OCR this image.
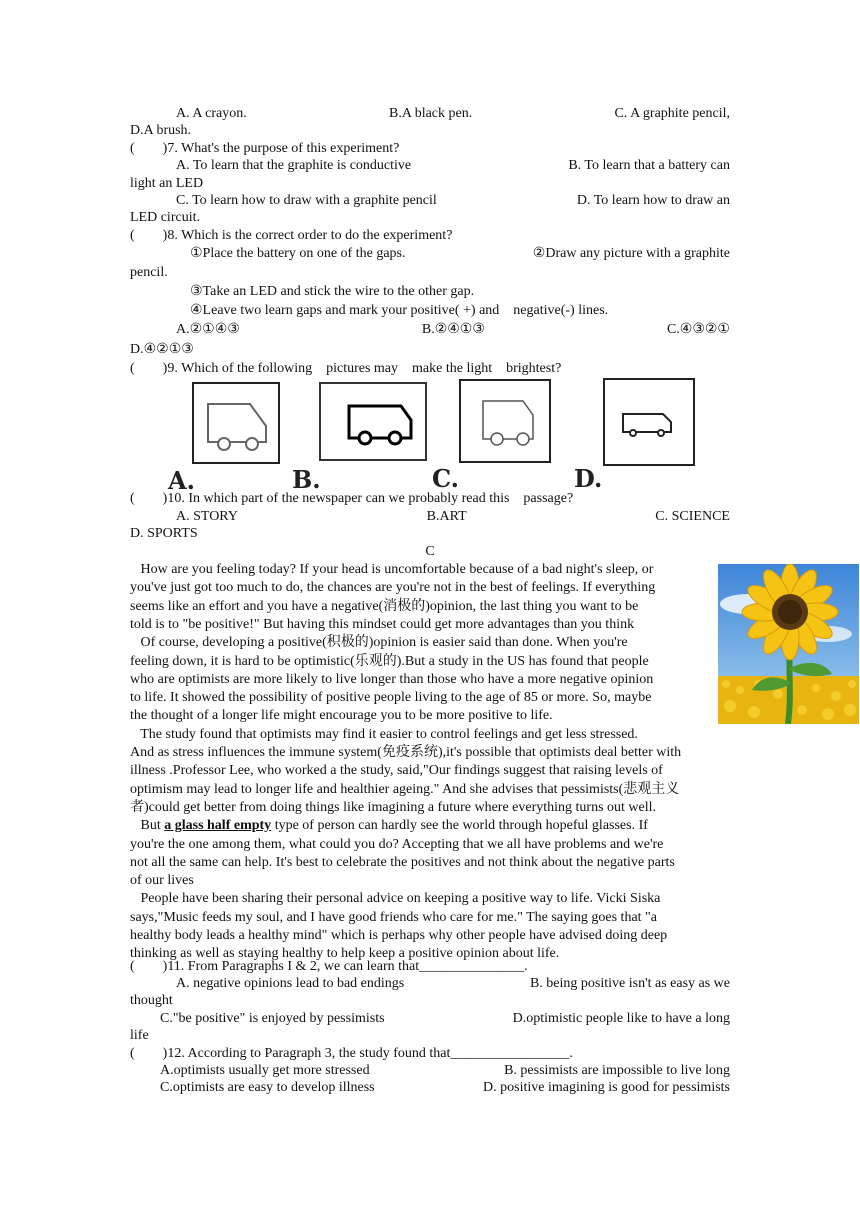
A. A crayon.	B.A black pen.	C. A graphite pencil,
D.A brush.
(        )7. What's the purpose of this experiment?
A. To learn that the graphite is conductive	B. To learn that a battery can
light an LED
C. To learn how to draw with a graphite pencil	D. To learn how to draw an
LED circuit.
(        )8. Which is the correct order to do the experiment?
①Place the battery on one of the gaps.	②Draw any picture with a graphite
pencil.
③Take an LED and stick the wire to the other gap.
④Leave two learn gaps and mark your positive( +) and    negative(-) lines.
A.②①④③	B.②④①③	C.④③②①
D.④②①③
(        )9. Which of the following    pictures may    make the light    brightest?
A.	B.	C.	D.
(        )10. In which part of the newspaper can we probably read this    passage?
A. STORY	B.ART	C. SCIENCE
D. SPORTS
C
How are you feeling today? If your head is uncomfortable because of a bad night's sleep, or
you've just got too much to do, the chances are you're not in the best of feelings. If everything
seems like an effort and you have a negative(消极的)opinion, the last thing you want to be
told is to "be positive!" But having this mindset could get more advantages than you think
Of course, developing a positive(积极的)opinion is easier said than done. When you're
feeling down, it is hard to be optimistic(乐观的).But a study in the US has found that people
who are optimists are more likely to live longer than those who have a more negative opinion
to life. It showed the possibility of positive people living to the age of 85 or more. So, maybe
the thought of a longer life might encourage you to be more positive to life.
The study found that optimists may find it easier to control feelings and get less stressed.
And as stress influences the immune system(免疫系统),it's possible that optimists deal better with
illness .Professor Lee, who worked a the study, said,"Our findings suggest that raising levels of
optimism may lead to longer life and healthier ageing." And she advises that pessimists(悲观主义
者)could get better from doing things like imagining a future where everything turns out well.
But a glass half empty type of person can hardly see the world through hopeful glasses. If
you're the one among them, what could you do? Accepting that we all have problems and we're
not all the same can help. It's best to celebrate the positives and not think about the negative parts
of our lives
People have been sharing their personal advice on keeping a positive way to life. Vicki Siska
says,"Music feeds my soul, and I have good friends who care for me." The saying goes that "a
healthy body leads a healthy mind" which is perhaps why other people have advised doing deep
thinking as well as staying healthy to help keep a positive opinion about life.
(        )11. From Paragraphs I & 2, we can learn that_______________.
A. negative opinions lead to bad endings	B. being positive isn't as easy as we
thought
C."be positive" is enjoyed by pessimists	D.optimistic people like to have a long
life
(        )12. According to Paragraph 3, the study found that_________________.
A.optimists usually get more stressed	B. pessimists are impossible to live long
C.optimists are easy to develop illness	D. positive imagining is good for pessimists
